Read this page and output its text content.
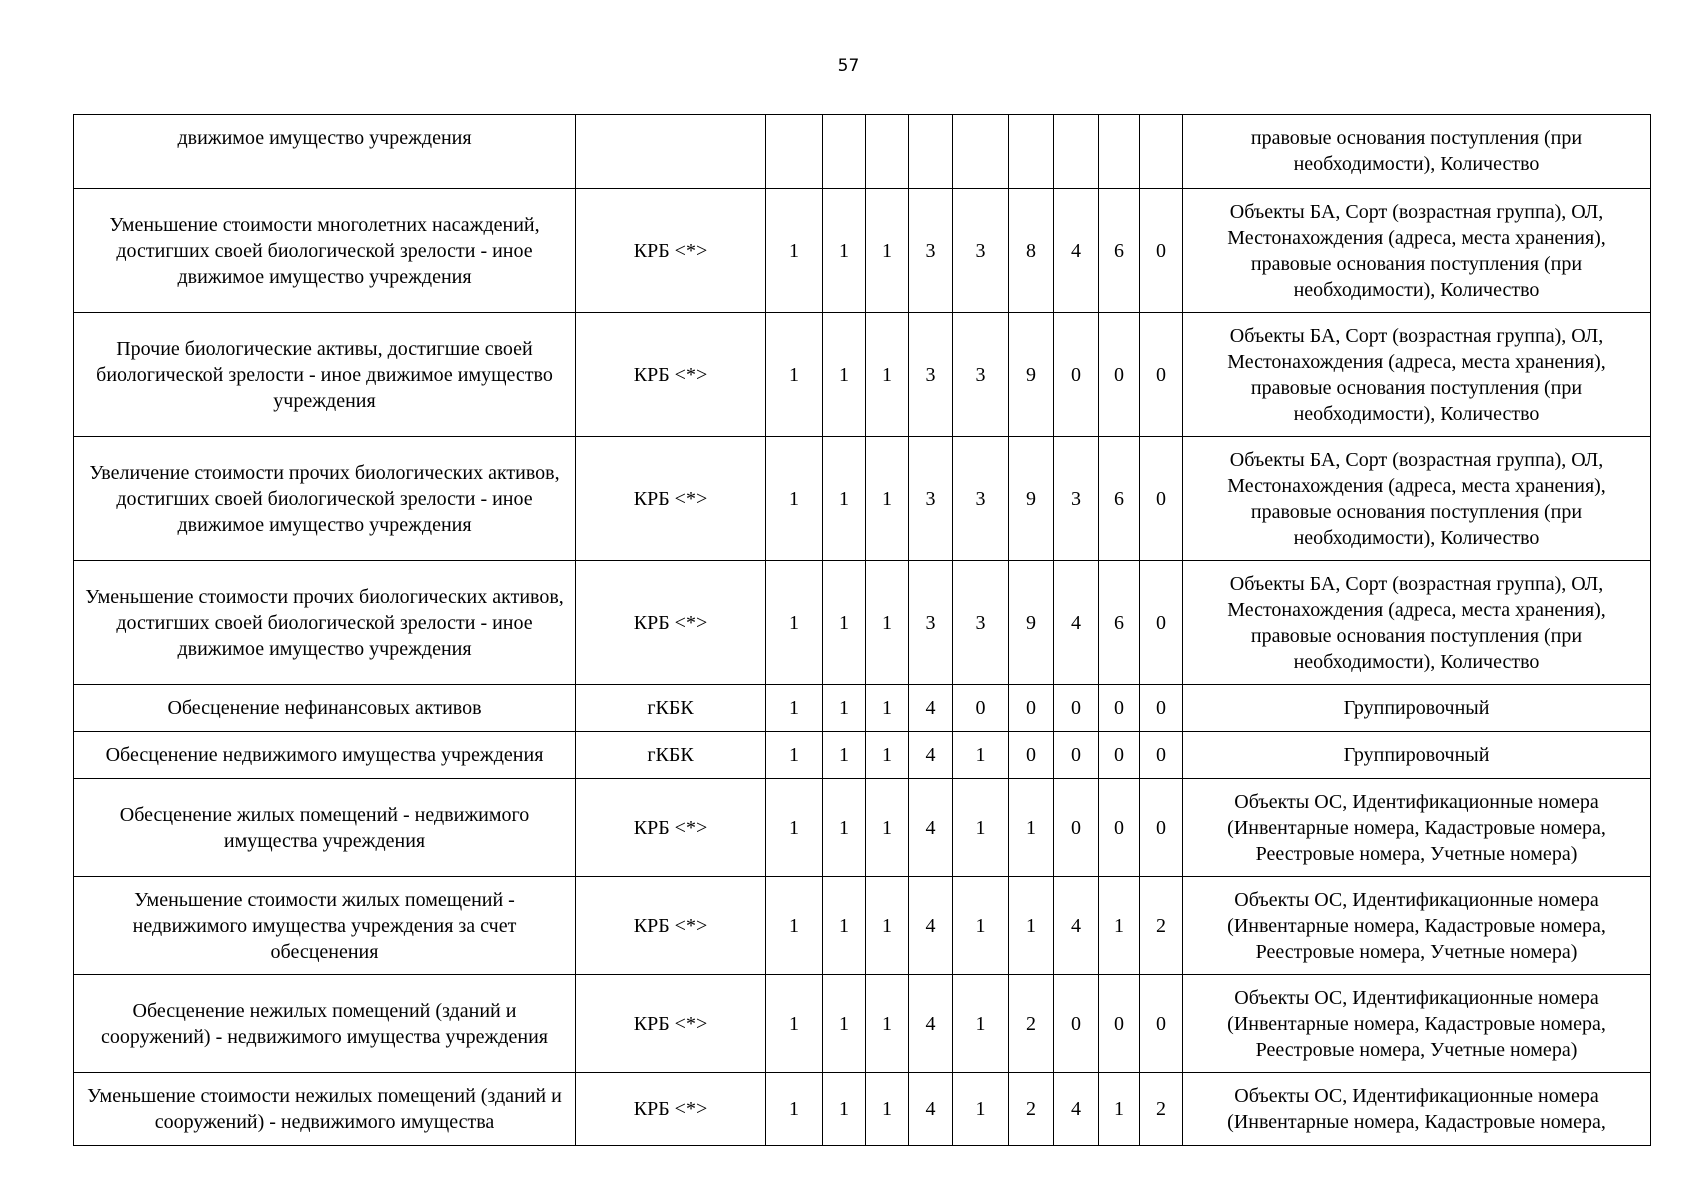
57
движимое имущество учреждения											правовые основания поступления (при необходимости), Количество
Уменьшение стоимости многолетних насаждений, достигших своей биологической зрелости - иное движимое имущество учреждения	КРБ <*>	1	1	1	3	3	8	4	6	0	Объекты БА, Сорт (возрастная группа), ОЛ, Местонахождения (адреса, места хранения), правовые основания поступления (при необходимости), Количество
Прочие биологические активы, достигшие своей биологической зрелости - иное движимое имущество учреждения	КРБ <*>	1	1	1	3	3	9	0	0	0	Объекты БА, Сорт (возрастная группа), ОЛ, Местонахождения (адреса, места хранения), правовые основания поступления (при необходимости), Количество
Увеличение стоимости прочих биологических активов, достигших своей биологической зрелости - иное движимое имущество учреждения	КРБ <*>	1	1	1	3	3	9	3	6	0	Объекты БА, Сорт (возрастная группа), ОЛ, Местонахождения (адреса, места хранения), правовые основания поступления (при необходимости), Количество
Уменьшение стоимости прочих биологических активов, достигших своей биологической зрелости - иное движимое имущество учреждения	КРБ <*>	1	1	1	3	3	9	4	6	0	Объекты БА, Сорт (возрастная группа), ОЛ, Местонахождения (адреса, места хранения), правовые основания поступления (при необходимости), Количество
Обесценение нефинансовых активов	гКБК	1	1	1	4	0	0	0	0	0	Группировочный
Обесценение недвижимого имущества учреждения	гКБК	1	1	1	4	1	0	0	0	0	Группировочный
Обесценение жилых помещений - недвижимого имущества учреждения	КРБ <*>	1	1	1	4	1	1	0	0	0	Объекты ОС, Идентификационные номера (Инвентарные номера, Кадастровые номера, Реестровые номера, Учетные номера)
Уменьшение стоимости жилых помещений - недвижимого имущества учреждения за счет обесценения	КРБ <*>	1	1	1	4	1	1	4	1	2	Объекты ОС, Идентификационные номера (Инвентарные номера, Кадастровые номера, Реестровые номера, Учетные номера)
Обесценение нежилых помещений (зданий и сооружений) - недвижимого имущества учреждения	КРБ <*>	1	1	1	4	1	2	0	0	0	Объекты ОС, Идентификационные номера (Инвентарные номера, Кадастровые номера, Реестровые номера, Учетные номера)
Уменьшение стоимости нежилых помещений (зданий и сооружений) - недвижимого имущества	КРБ <*>	1	1	1	4	1	2	4	1	2	Объекты ОС, Идентификационные номера (Инвентарные номера, Кадастровые номера,
